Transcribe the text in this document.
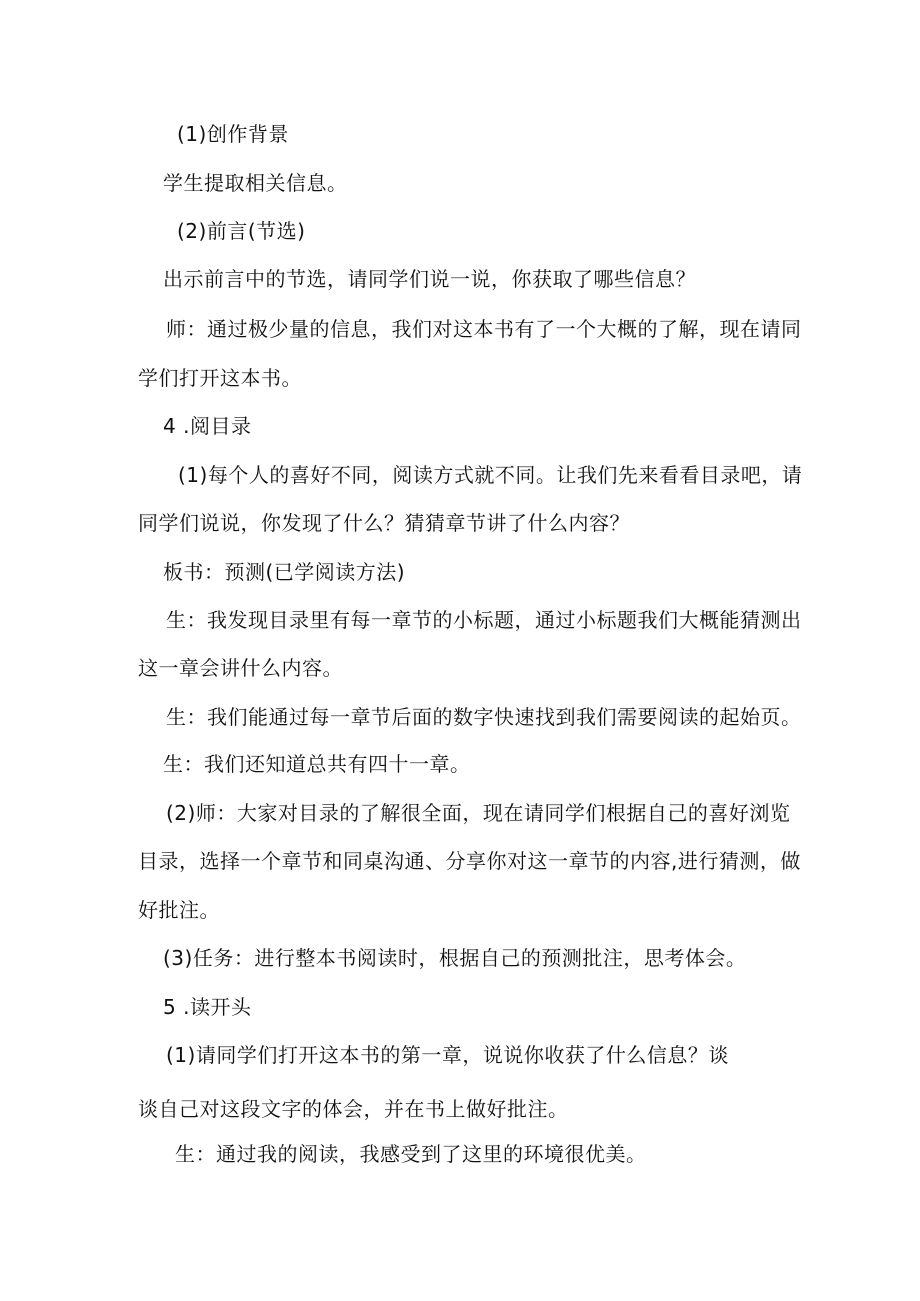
(1)创作背景
学生提取相关信息。
(2)前言(节选)
出示前言中的节选，请同学们说一说，你获取了哪些信息？
师：通过极少量的信息，我们对这本书有了一个大概的了解，现在请同
学们打开这本书。
4 .阅目录
(1)每个人的喜好不同，阅读方式就不同。让我们先来看看目录吧，请
同学们说说，你发现了什么？猜猜章节讲了什么内容？
板书：预测(已学阅读方法)
生：我发现目录里有每一章节的小标题，通过小标题我们大概能猜测出
这一章会讲什么内容。
生：我们能通过每一章节后面的数字快速找到我们需要阅读的起始页。
生：我们还知道总共有四十一章。
(2)师：大家对目录的了解很全面，现在请同学们根据自己的喜好浏览
目录，选择一个章节和同桌沟通、分享你对这一章节的内容,进行猜测，做
好批注。
(3)任务：进行整本书阅读时，根据自己的预测批注，思考体会。
5 .读开头
(1)请同学们打开这本书的第一章，说说你收获了什么信息？谈
谈自己对这段文字的体会，并在书上做好批注。
生：通过我的阅读，我感受到了这里的环境很优美。
